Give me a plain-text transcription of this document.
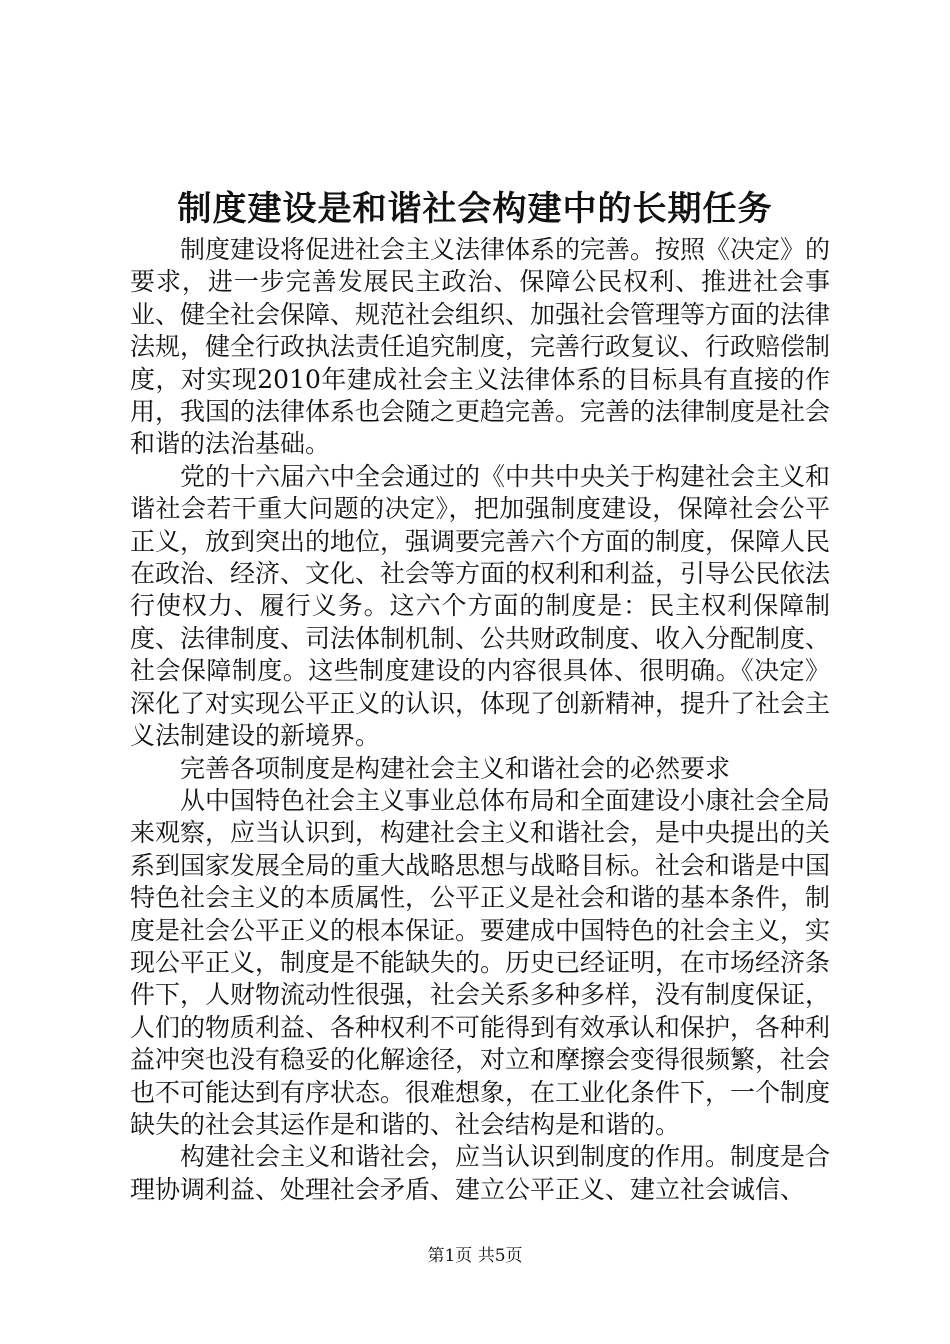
制度建设是和谐社会构建中的长期任务

制度建设将促进社会主义法律体系的完善。按照《决定》的要求，进一步完善发展民主政治、保障公民权利、推进社会事业、健全社会保障、规范社会组织、加强社会管理等方面的法律法规，健全行政执法责任追究制度，完善行政复议、行政赔偿制度，对实现2010年建成社会主义法律体系的目标具有直接的作用，我国的法律体系也会随之更趋完善。完善的法律制度是社会和谐的法治基础。

党的十六届六中全会通过的《中共中央关于构建社会主义和谐社会若干重大问题的决定》，把加强制度建设，保障社会公平正义，放到突出的地位，强调要完善六个方面的制度，保障人民在政治、经济、文化、社会等方面的权利和利益，引导公民依法行使权力、履行义务。这六个方面的制度是：民主权利保障制度、法律制度、司法体制机制、公共财政制度、收入分配制度、社会保障制度。这些制度建设的内容很具体、很明确。《决定》深化了对实现公平正义的认识，体现了创新精神，提升了社会主义法制建设的新境界。

完善各项制度是构建社会主义和谐社会的必然要求

从中国特色社会主义事业总体布局和全面建设小康社会全局来观察，应当认识到，构建社会主义和谐社会，是中央提出的关系到国家发展全局的重大战略思想与战略目标。社会和谐是中国特色社会主义的本质属性，公平正义是社会和谐的基本条件，制度是社会公平正义的根本保证。要建成中国特色的社会主义，实现公平正义，制度是不能缺失的。历史已经证明，在市场经济条件下，人财物流动性很强，社会关系多种多样，没有制度保证，人们的物质利益、各种权利不可能得到有效承认和保护，各种利益冲突也没有稳妥的化解途径，对立和摩擦会变得很频繁，社会也不可能达到有序状态。很难想象，在工业化条件下，一个制度缺失的社会其运作是和谐的、社会结构是和谐的。

构建社会主义和谐社会，应当认识到制度的作用。制度是合理协调利益、处理社会矛盾、建立公平正义、建立社会诚信、

第1页 共5页
